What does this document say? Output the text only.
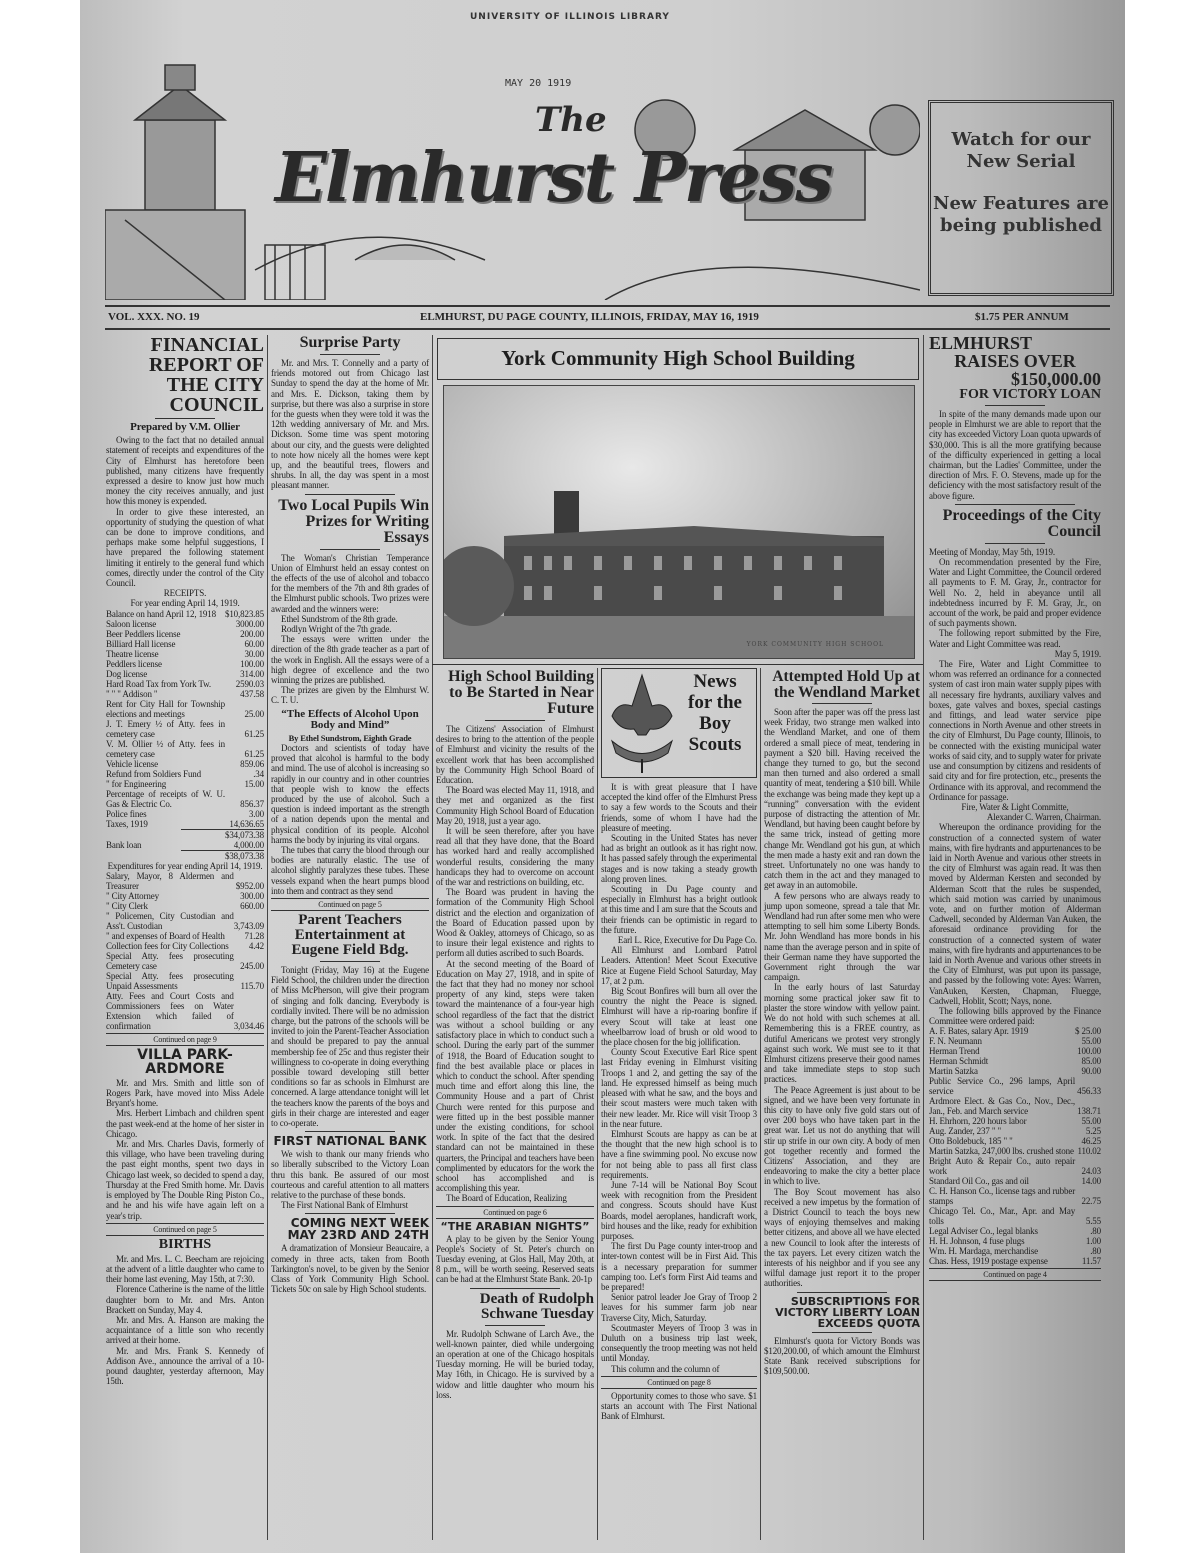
UNIVERSITY OF ILLINOIS LIBRARY
MAY 20 1919
The
Elmhurst Press	Watch for our New Serial

New Features are being published

VOL. XXX. NO. 19	ELMHURST, DU PAGE COUNTY, ILLINOIS, FRIDAY, MAY 16, 1919	$1.75 PER ANNUM
FINANCIAL REPORT OF THE CITY COUNCIL
Prepared by V.M. Ollier

Owing to the fact that no detailed annual statement of receipts and expenditures of the City of Elmhurst has heretofore been published, many citizens have frequently expressed a desire to know just how much money the city receives annually, and just how this money is expended.

In order to give these interested, an opportunity of studying the question of what can be done to improve conditions, and perhaps make some helpful suggestions, I have prepared the following statement limiting it entirely to the general fund which comes, directly under the control of the City Council.

RECEIPTS.
For year ending April 14, 1919.
Balance on hand April 12, 1918	$10,823.85
Saloon license	3000.00
Beer Peddlers license	200.00
Billiard Hall license	60.00
Theatre license	30.00
Peddlers license	100.00
Dog license	314.00
Hard Road Tax from York Tw.	2590.03
" " " Addison "	437.58
Rent for City Hall for Township elections and meetings	25.00
J. T. Emery ½ of Atty. fees in cemetery case	61.25
V. M. Ollier ½ of Atty. fees in cemetery case	61.25
Vehicle license	859.06
Refund from Soldiers Fund	.34
" for Engineering	15.00
Percentage of receipts of W. U. Gas & Electric Co.	856.37
Police fines	3.00
Taxes, 1919	14,636.65
	$34,073.38
Bank loan	4,000.00
	$38,073.38
Expenditures for year ending April 14, 1919.
Salary, Mayor, 8 Aldermen and Treasurer	$952.00
" City Attorney	300.00
" City Clerk	660.00
" Policemen, City Custodian and Ass't. Custodian	3,743.09
" and expenses of Board of Health	71.28
Collection fees for City Collections	4.42
Special Atty. fees prosecuting Cemetery case	245.00
Special Atty. fees prosecuting Unpaid Assessments	115.70
Atty. Fees and Court Costs and Commissioners fees on Water Extension which failed of confirmation	3,034.46
Continued on page 9
VILLA PARK-ARDMORE

Mr. and Mrs. Smith and little son of Rogers Park, have moved into Miss Adele Bryant's home.

Mrs. Herbert Limbach and children spent the past week-end at the home of her sister in Chicago.

Mr. and Mrs. Charles Davis, formerly of this village, who have been traveling during the past eight months, spent two days in Chicago last week, so decided to spend a day, Thursday at the Fred Smith home. Mr. Davis is employed by The Double Ring Piston Co., and he and his wife have again left on a year's trip.

Continued on page 5
BIRTHS

Mr. and Mrs. L. C. Beecham are rejoicing at the advent of a little daughter who came to their home last evening, May 15th, at 7:30.

Florence Catherine is the name of the little daughter born to Mr. and Mrs. Anton Brackett on Sunday, May 4.

Mr. and Mrs. A. Hanson are making the acquaintance of a little son who recently arrived at their home.

Mr. and Mrs. Frank S. Kennedy of Addison Ave., announce the arrival of a 10-pound daughter, yesterday afternoon, May 15th.

Surprise Party

Mr. and Mrs. T. Connelly and a party of friends motored out from Chicago last Sunday to spend the day at the home of Mr. and Mrs. E. Dickson, taking them by surprise, but there was also a surprise in store for the guests when they were told it was the 12th wedding anniversary of Mr. and Mrs. Dickson. Some time was spent motoring about our city, and the guests were delighted to note how nicely all the homes were kept up, and the beautiful trees, flowers and shrubs. In all, the day was spent in a most pleasant manner.

Two Local Pupils Win Prizes for Writing Essays

The Woman's Christian Temperance Union of Elmhurst held an essay contest on the effects of the use of alcohol and tobacco for the members of the 7th and 8th grades of the Elmhurst public schools. Two prizes were awarded and the winners were:

Ethel Sundstrom of the 8th grade.

Rodlyn Wright of the 7th grade.

The essays were written under the direction of the 8th grade teacher as a part of the work in English. All the essays were of a high degree of excellence and the two winning the prizes are published.

The prizes are given by the Elmhurst W. C. T. U.

“The Effects of Alcohol Upon Body and Mind”
By Ethel Sundstrom, Eighth Grade

Doctors and scientists of today have proved that alcohol is harmful to the body and mind. The use of alcohol is increasing so rapidly in our country and in other countries that people wish to know the effects produced by the use of alcohol. Such a question is indeed important as the strength of a nation depends upon the mental and physical condition of its people. Alcohol harms the body by injuring its vital organs.

The tubes that carry the blood through our bodies are naturally elastic. The use of alcohol slightly paralyzes these tubes. These vessels expand when the heart pumps blood into them and contract as they send

Continued on page 5
Parent Teachers Entertainment at Eugene Field Bdg.

Tonight (Friday, May 16) at the Eugene Field School, the children under the direction of Miss McPherson, will give their program of singing and folk dancing. Everybody is cordially invited. There will be no admission charge, but the patrons of the schools will be invited to join the Parent-Teacher Association and should be prepared to pay the annual membership fee of 25c and thus register their willingness to co-operate in doing everything possible toward developing still better conditions so far as schools in Elmhurst are concerned. A large attendance tonight will let the teachers know the parents of the boys and girls in their charge are interested and eager to co-operate.

FIRST NATIONAL BANK

We wish to thank our many friends who so liberally subscribed to the Victory Loan thru this bank. Be assured of our most courteous and careful attention to all matters relative to the purchase of these bonds.

The First National Bank of Elmhurst

COMING NEXT WEEK MAY 23RD AND 24TH

A dramatization of Monsieur Beaucaire, a comedy in three acts, taken from Booth Tarkington's novel, to be given by the Senior Class of York Community High School. Tickets 50c on sale by High School students.

York Community High School Building
YORK COMMUNITY HIGH SCHOOL
High School Building to Be Started in Near Future

The Citizens' Association of Elmhurst desires to bring to the attention of the people of Elmhurst and vicinity the results of the excellent work that has been accomplished by the Community High School Board of Education.

The Board was elected May 11, 1918, and they met and organized as the first Community High School Board of Education May 20, 1918, just a year ago.

It will be seen therefore, after you have read all that they have done, that the Board has worked hard and really accomplished wonderful results, considering the many handicaps they had to overcome on account of the war and restrictions on building, etc.

The Board was prudent in having the formation of the Community High School district and the election and organization of the Board of Education passed upon by Wood & Oakley, attorneys of Chicago, so as to insure their legal existence and rights to perform all duties ascribed to such Boards.

At the second meeting of the Board of Education on May 27, 1918, and in spite of the fact that they had no money nor school property of any kind, steps were taken toward the maintenance of a four-year high school regardless of the fact that the district was without a school building or any satisfactory place in which to conduct such a school. During the early part of the summer of 1918, the Board of Education sought to find the best available place or places in which to conduct the school. After spending much time and effort along this line, the Community House and a part of Christ Church were rented for this purpose and were fitted up in the best possible manner under the existing conditions, for school work. In spite of the fact that the desired standard can not be maintained in these quarters, the Principal and teachers have been complimented by educators for the work the school has accomplished and is accomplishing this year.

The Board of Education, Realizing

Continued on page 6
“THE ARABIAN NIGHTS”

A play to be given by the Senior Young People's Society of St. Peter's church on Tuesday evening, at Glos Hall, May 20th, at 8 p.m., will be worth seeing. Reserved seats can be had at the Elmhurst State Bank. 20-1p

Death of Rudolph Schwane Tuesday

Mr. Rudolph Schwane of Larch Ave., the well-known painter, died while undergoing an operation at one of the Chicago hospitals Tuesday morning. He will be buried today, May 16th, in Chicago. He is survived by a widow and little daughter who mourn his loss.

News for the Boy Scouts

It is with great pleasure that I have accepted the kind offer of the Elmhurst Press to say a few words to the Scouts and their friends, some of whom I have had the pleasure of meeting.

Scouting in the United States has never had as bright an outlook as it has right now. It has passed safely through the experimental stages and is now taking a steady growth along proven lines.

Scouting in Du Page county and especially in Elmhurst has a bright outlook at this time and I am sure that the Scouts and their friends can be optimistic in regard to the future.

Earl L. Rice, Executive for Du Page Co.

All Elmhurst and Lombard Patrol Leaders. Attention! Meet Scout Executive Rice at Eugene Field School Saturday, May 17, at 2 p.m.

Big Scout Bonfires will burn all over the country the night the Peace is signed. Elmhurst will have a rip-roaring bonfire if every Scout will take at least one wheelbarrow load of brush or old wood to the place chosen for the big jollification.

County Scout Executive Earl Rice spent last Friday evening in Elmhurst visiting Troops 1 and 2, and getting the say of the land. He expressed himself as being much pleased with what he saw, and the boys and their scout masters were much taken with their new leader. Mr. Rice will visit Troop 3 in the near future.

Elmhurst Scouts are happy as can be at the thought that the new high school is to have a fine swimming pool. No excuse now for not being able to pass all first class requirements.

June 7-14 will be National Boy Scout week with recognition from the President and congress. Scouts should have Kust Boards, model aeroplanes, handicraft work, bird houses and the like, ready for exhibition purposes.

The first Du Page county inter-troop and inter-town contest will be in First Aid. This is a necessary preparation for summer camping too. Let's form First Aid teams and be prepared!

Senior patrol leader Joe Gray of Troop 2 leaves for his summer farm job near Traverse City, Mich, Saturday.

Scoutmaster Meyers of Troop 3 was in Duluth on a business trip last week, consequently the troop meeting was not held until Monday.

This column and the column of

Continued on page 8

Opportunity comes to those who save. $1 starts an account with The First National Bank of Elmhurst.

Attempted Hold Up at the Wendland Market

Soon after the paper was off the press last week Friday, two strange men walked into the Wendland Market, and one of them ordered a small piece of meat, tendering in payment a $20 bill. Having received the change they turned to go, but the second man then turned and also ordered a small quantity of meat, tendering a $10 bill. While the exchange was being made they kept up a “running” conversation with the evident purpose of distracting the attention of Mr. Wendland, but having been caught before by the same trick, instead of getting more change Mr. Wendland got his gun, at which the men made a hasty exit and ran down the street. Unfortunately no one was handy to catch them in the act and they managed to get away in an automobile.

A few persons who are always ready to jump upon someone, spread a tale that Mr. Wendland had run after some men who were attempting to sell him some Liberty Bonds. Mr. John Wendland has more bonds in his name than the average person and in spite of their German name they have supported the Government right through the war campaign.

In the early hours of last Saturday morning some practical joker saw fit to plaster the store window with yellow paint. We do not hold with such schemes at all. Remembering this is a FREE country, as dutiful Americans we protest very strongly against such work. We must see to it that Elmhurst citizens preserve their good names and take immediate steps to stop such practices.

The Peace Agreement is just about to be signed, and we have been very fortunate in this city to have only five gold stars out of over 200 boys who have taken part in the great war. Let us not do anything that will stir up strife in our own city. A body of men got together recently and formed the Citizens' Association, and they are endeavoring to make the city a better place in which to live.

The Boy Scout movement has also received a new impetus by the formation of a District Council to teach the boys new ways of enjoying themselves and making better citizens, and above all we have elected a new Council to look after the interests of the tax payers. Let every citizen watch the interests of his neighbor and if you see any wilful damage just report it to the proper authorities.

SUBSCRIPTIONS FOR VICTORY LIBERTY LOAN EXCEEDS QUOTA

Elmhurst's quota for Victory Bonds was $120,200.00, of which amount the Elmhurst State Bank received subscriptions for $109,500.00.

ELMHURST
RAISES OVER
$150,000.00
FOR VICTORY LOAN

In spite of the many demands made upon our people in Elmhurst we are able to report that the city has exceeded Victory Loan quota upwards of $30,000. This is all the more gratifying because of the difficulty experienced in getting a local chairman, but the Ladies' Committee, under the direction of Mrs. F. O. Stevens, made up for the deficiency with the most satisfactory result of the above figure.

Proceedings of the City Council

Meeting of Monday, May 5th, 1919.

On recommendation presented by the Fire, Water and Light Committee, the Council ordered all payments to F. M. Gray, Jr., contractor for Well No. 2, held in abeyance until all indebtedness incurred by F. M. Gray, Jr., on account of the work, be paid and proper evidence of such payments shown.

The following report submitted by the Fire, Water and Light Committee was read.

May 5, 1919.

The Fire, Water and Light Committee to whom was referred an ordinance for a connected system of cast iron main water supply pipes with all necessary fire hydrants, auxiliary valves and boxes, gate valves and boxes, special castings and fittings, and lead water service pipe connections in North Avenue and other streets in the city of Elmhurst, Du Page county, Illinois, to be connected with the existing municipal water works of said city, and to supply water for private use and consumption by citizens and residents of said city and for fire protection, etc., presents the Ordinance with its approval, and recommend the Ordinance for passage.

Fire, Water & Light Committe,

Alexander C. Warren, Chairman.

Whereupon the ordinance providing for the construction of a connected system of water mains, with fire hydrants and appurtenances to be laid in North Avenue and various other streets in the city of Elmhurst was again read. It was then moved by Alderman Kersten and seconded by Alderman Scott that the rules be suspended, which said motion was carried by unanimous vote, and on further motion of Alderman Cadwell, seconded by Alderman Van Auken, the aforesaid ordinance providing for the construction of a connected system of water mains, with fire hydrants and appurtenances to be laid in North Avenue and various other streets in the City of Elmhurst, was put upon its passage, and passed by the following vote: Ayes: Warren, VanAuken, Kersten, Chapman, Fluegge, Cadwell, Hoblit, Scott; Nays, none.

The following bills approved by the Finance Committee were ordered paid:

A. F. Bates, salary Apr. 1919	$ 25.00
F. N. Neumann	55.00
Herman Trend	100.00
Herman Schmidt	85.00
Martin Satzka	90.00
Public Service Co., 296 lamps, April service	456.33
Ardmore Elect. & Gas Co., Nov., Dec., Jan., Feb. and March service	138.71
H. Ehrhorn, 220 hours labor	55.00
Aug. Zander, 237 " "	5.25
Otto Boldebuck, 185 " "	46.25
Martin Satzka, 247,000 lbs. crushed stone	110.02
Bright Auto & Repair Co., auto repair work	24.03
Standard Oil Co., gas and oil	14.00
C. H. Hanson Co., license tags and rubber stamps	22.75
Chicago Tel. Co., Mar., Apr. and May tolls	5.55
Legal Adviser Co., legal blanks	.80
H. H. Johnson, 4 fuse plugs	1.00
Wm. H. Mardaga, merchandise	.80
Chas. Hess, 1919 postage expense	11.57
Continued on page 4
